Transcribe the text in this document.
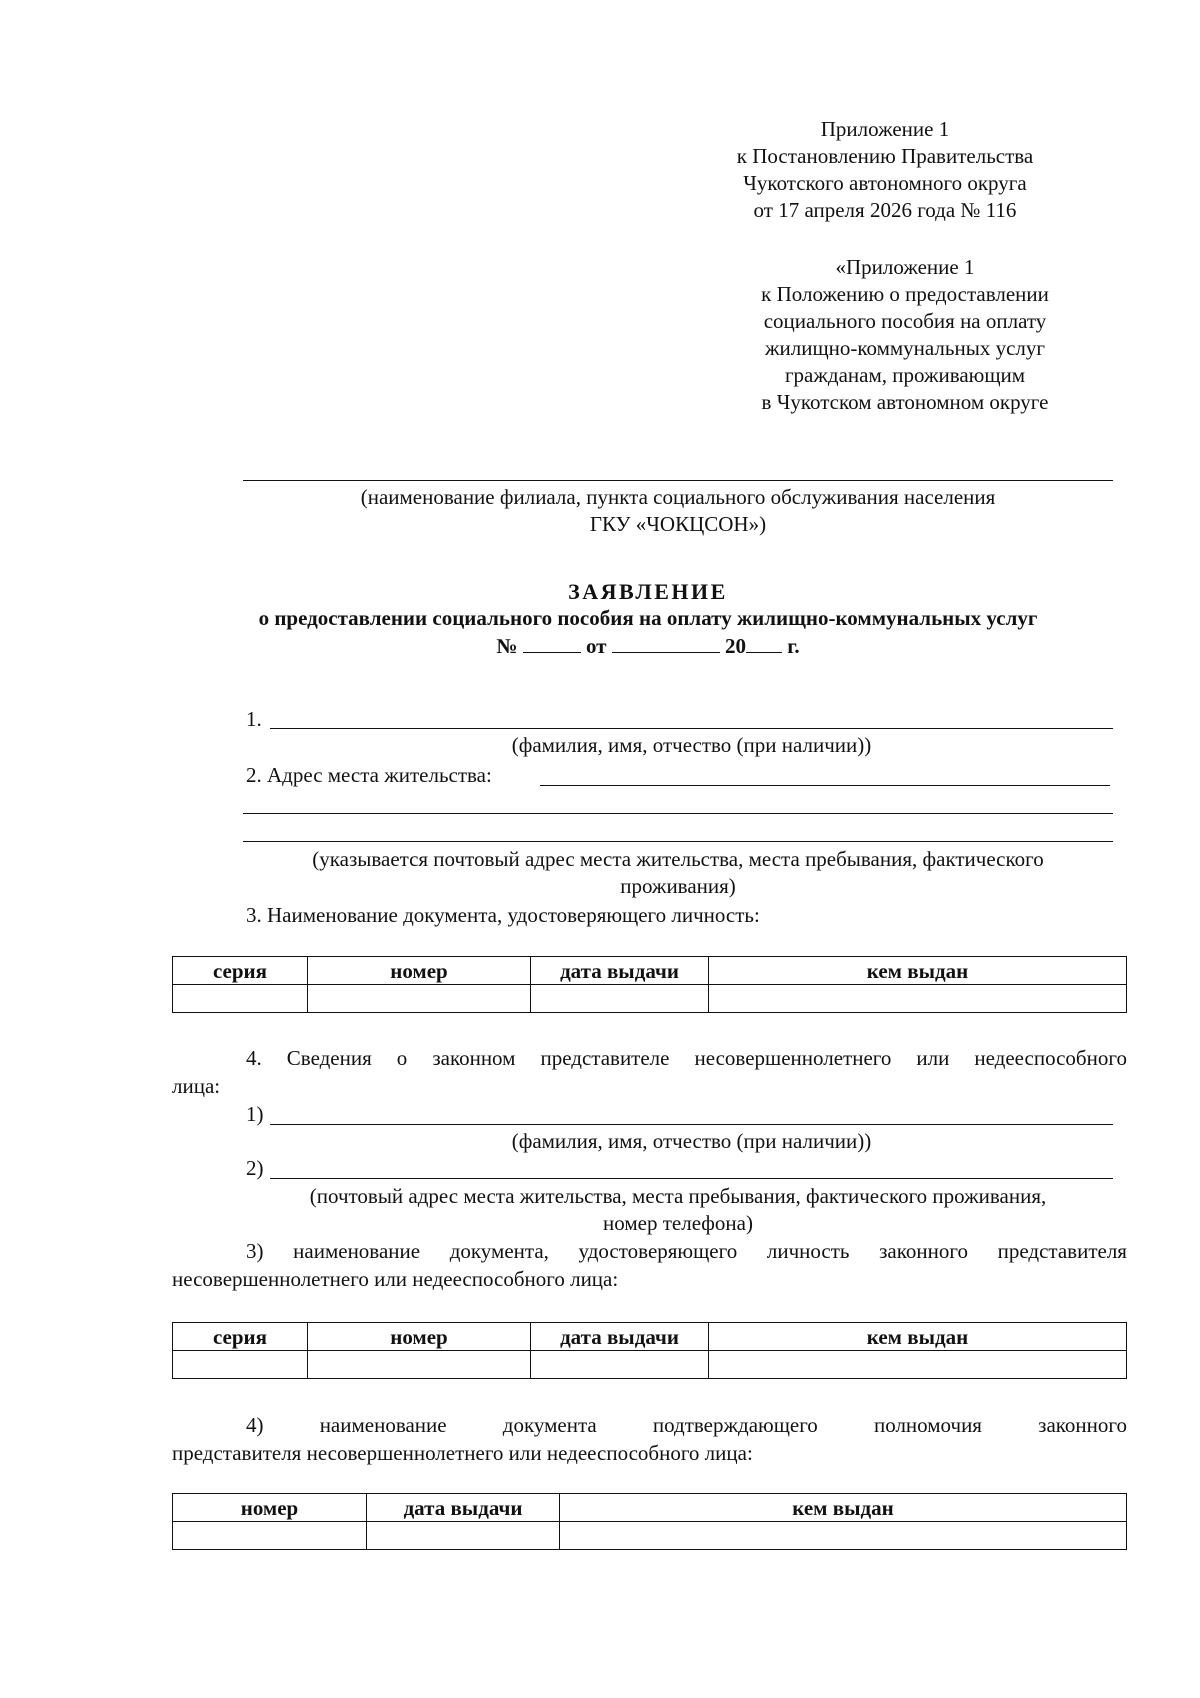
Приложение 1
к Постановлению Правительства
Чукотского автономного округа
от 17 апреля 2026 года № 116
«Приложение 1
к Положению о предоставлении
социального пособия на оплату
жилищно-коммунальных услуг
гражданам, проживающим
в Чукотском автономном округе
(наименование филиала, пункта социального обслуживания населения
ГКУ «ЧОКЦСОН»)
ЗАЯВЛЕНИЕ
о предоставлении социального пособия на оплату жилищно-коммунальных услуг
№	от	20 г.
1.
(фамилия, имя, отчество (при наличии))
2. Адрес места жительства:
(указывается почтовый адрес места жительства, места пребывания, фактического
проживания)
3. Наименование документа, удостоверяющего личность:
серия	номер	дата выдачи	кем выдан

4. Сведения о законном представителе несовершеннолетнего или недееспособного
лица:
1)
(фамилия, имя, отчество (при наличии))
2)
(почтовый адрес места жительства, места пребывания, фактического проживания,
номер телефона)
3) наименование документа, удостоверяющего личность законного представителя
несовершеннолетнего или недееспособного лица:
серия	номер	дата выдачи	кем выдан

4)	наименование	документа	подтверждающего	полномочия	законного
представителя несовершеннолетнего или недееспособного лица:
номер	дата выдачи	кем выдан
